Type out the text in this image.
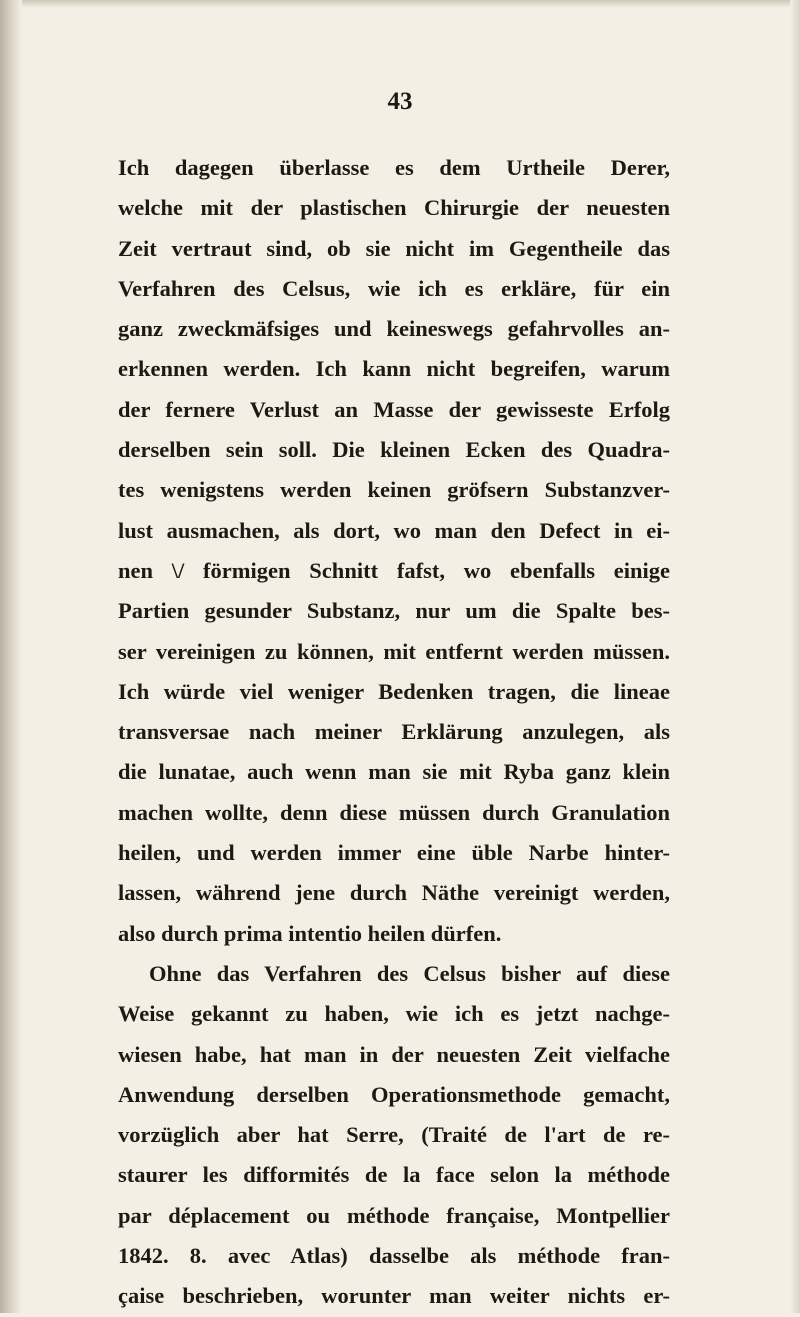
43
Ich dagegen überlasse es dem Urtheile Derer,
welche mit der plastischen Chirurgie der neuesten
Zeit vertraut sind, ob sie nicht im Gegentheile das
Verfahren des Celsus, wie ich es erkläre, für ein
ganz zweckmäfsiges und keineswegs gefahrvolles an-
erkennen werden. Ich kann nicht begreifen, warum
der fernere Verlust an Masse der gewisseste Erfolg
derselben sein soll. Die kleinen Ecken des Quadra-
tes wenigstens werden keinen gröfsern Substanzver-
lust ausmachen, als dort, wo man den Defect in ei-
nen \/ förmigen Schnitt fafst, wo ebenfalls einige
Partien gesunder Substanz, nur um die Spalte bes-
ser vereinigen zu können, mit entfernt werden müssen.
Ich würde viel weniger Bedenken tragen, die lineae
transversae nach meiner Erklärung anzulegen, als
die lunatae, auch wenn man sie mit Ryba ganz klein
machen wollte, denn diese müssen durch Granulation
heilen, und werden immer eine üble Narbe hinter-
lassen, während jene durch Näthe vereinigt werden,
also durch prima intentio heilen dürfen.
Ohne das Verfahren des Celsus bisher auf diese
Weise gekannt zu haben, wie ich es jetzt nachge-
wiesen habe, hat man in der neuesten Zeit vielfache
Anwendung derselben Operationsmethode gemacht,
vorzüglich aber hat Serre, (Traité de l'art de re-
staurer les difformités de la face selon la méthode
par déplacement ou méthode française, Montpellier
1842. 8. avec Atlas) dasselbe als méthode fran-
çaise beschrieben, worunter man weiter nichts er-
